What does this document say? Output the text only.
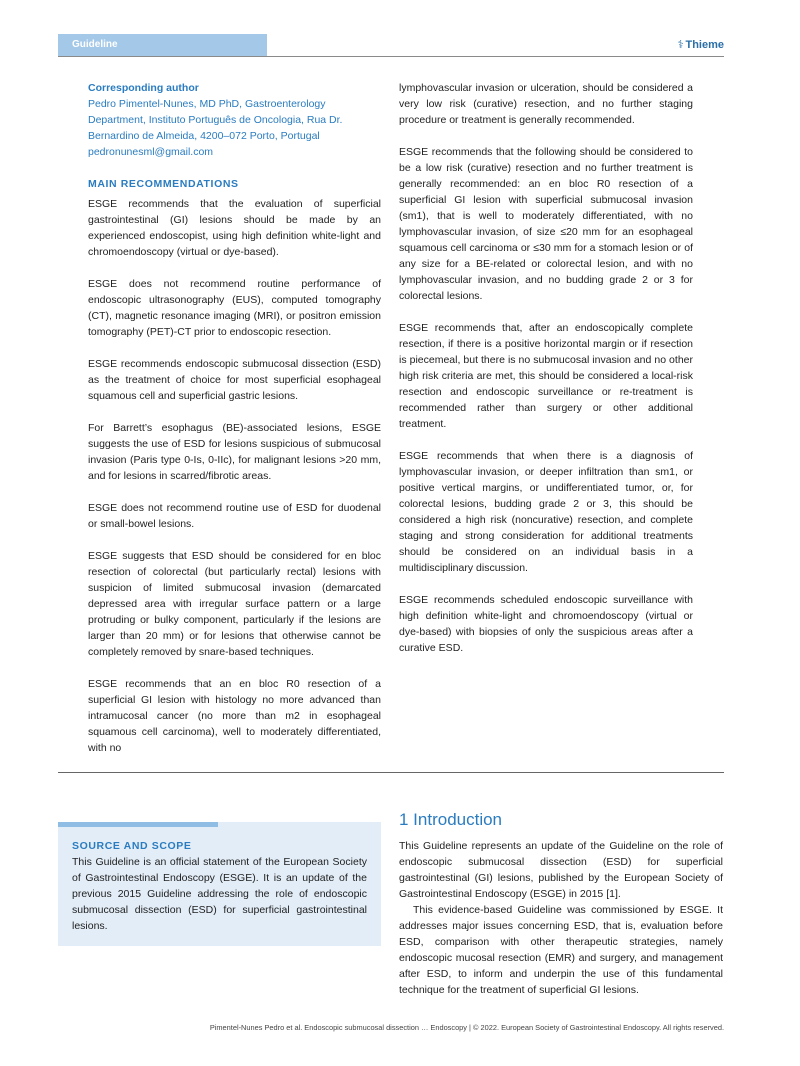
Guideline	⚕ Thieme
Corresponding author
Pedro Pimentel-Nunes, MD PhD, Gastroenterology
Department, Instituto Português de Oncologia, Rua Dr.
Bernardino de Almeida, 4200–072 Porto, Portugal
pedronunesml@gmail.com
MAIN RECOMMENDATIONS

ESGE recommends that the evaluation of superficial gastrointestinal (GI) lesions should be made by an experienced endoscopist, using high definition white-light and chromoendoscopy (virtual or dye-based).

ESGE does not recommend routine performance of endoscopic ultrasonography (EUS), computed tomography (CT), magnetic resonance imaging (MRI), or positron emission tomography (PET)-CT prior to endoscopic resection.

ESGE recommends endoscopic submucosal dissection (ESD) as the treatment of choice for most superficial esophageal squamous cell and superficial gastric lesions.

For Barrett’s esophagus (BE)-associated lesions, ESGE suggests the use of ESD for lesions suspicious of submucosal invasion (Paris type 0-Is, 0-IIc), for malignant lesions >20 mm, and for lesions in scarred/fibrotic areas.

ESGE does not recommend routine use of ESD for duodenal or small-bowel lesions.

ESGE suggests that ESD should be considered for en bloc resection of colorectal (but particularly rectal) lesions with suspicion of limited submucosal invasion (demarcated depressed area with irregular surface pattern or a large protruding or bulky component, particularly if the lesions are larger than 20 mm) or for lesions that otherwise cannot be completely removed by snare-based techniques.

ESGE recommends that an en bloc R0 resection of a superficial GI lesion with histology no more advanced than intramucosal cancer (no more than m2 in esophageal squamous cell carcinoma), well to moderately differentiated, with no

lymphovascular invasion or ulceration, should be considered a very low risk (curative) resection, and no further staging procedure or treatment is generally recommended.

ESGE recommends that the following should be considered to be a low risk (curative) resection and no further treatment is generally recommended: an en bloc R0 resection of a superficial GI lesion with superficial submucosal invasion (sm1), that is well to moderately differentiated, with no lymphovascular invasion, of size ≤20 mm for an esophageal squamous cell carcinoma or ≤30 mm for a stomach lesion or of any size for a BE-related or colorectal lesion, and with no lymphovascular invasion, and no budding grade 2 or 3 for colorectal lesions.

ESGE recommends that, after an endoscopically complete resection, if there is a positive horizontal margin or if resection is piecemeal, but there is no submucosal invasion and no other high risk criteria are met, this should be considered a local-risk resection and endoscopic surveillance or re-treatment is recommended rather than surgery or other additional treatment.

ESGE recommends that when there is a diagnosis of lymphovascular invasion, or deeper infiltration than sm1, or positive vertical margins, or undifferentiated tumor, or, for colorectal lesions, budding grade 2 or 3, this should be considered a high risk (noncurative) resection, and complete staging and strong consideration for additional treatments should be considered on an individual basis in a multidisciplinary discussion.

ESGE recommends scheduled endoscopic surveillance with high definition white-light and chromoendoscopy (virtual or dye-based) with biopsies of only the suspicious areas after a curative ESD.

SOURCE AND SCOPE

This Guideline is an official statement of the European Society of Gastrointestinal Endoscopy (ESGE). It is an update of the previous 2015 Guideline addressing the role of endoscopic submucosal dissection (ESD) for superficial gastrointestinal lesions.

1 Introduction

This Guideline represents an update of the Guideline on the role of endoscopic submucosal dissection (ESD) for superficial gastrointestinal (GI) lesions, published by the European Society of Gastrointestinal Endoscopy (ESGE) in 2015 [1].

This evidence-based Guideline was commissioned by ESGE. It addresses major issues concerning ESD, that is, evaluation before ESD, comparison with other therapeutic strategies, namely endoscopic mucosal resection (EMR) and surgery, and management after ESD, to inform and underpin the use of this fundamental technique for the treatment of superficial GI lesions.

Pimentel-Nunes Pedro et al. Endoscopic submucosal dissection … Endoscopy | © 2022. European Society of Gastrointestinal Endoscopy. All rights reserved.
